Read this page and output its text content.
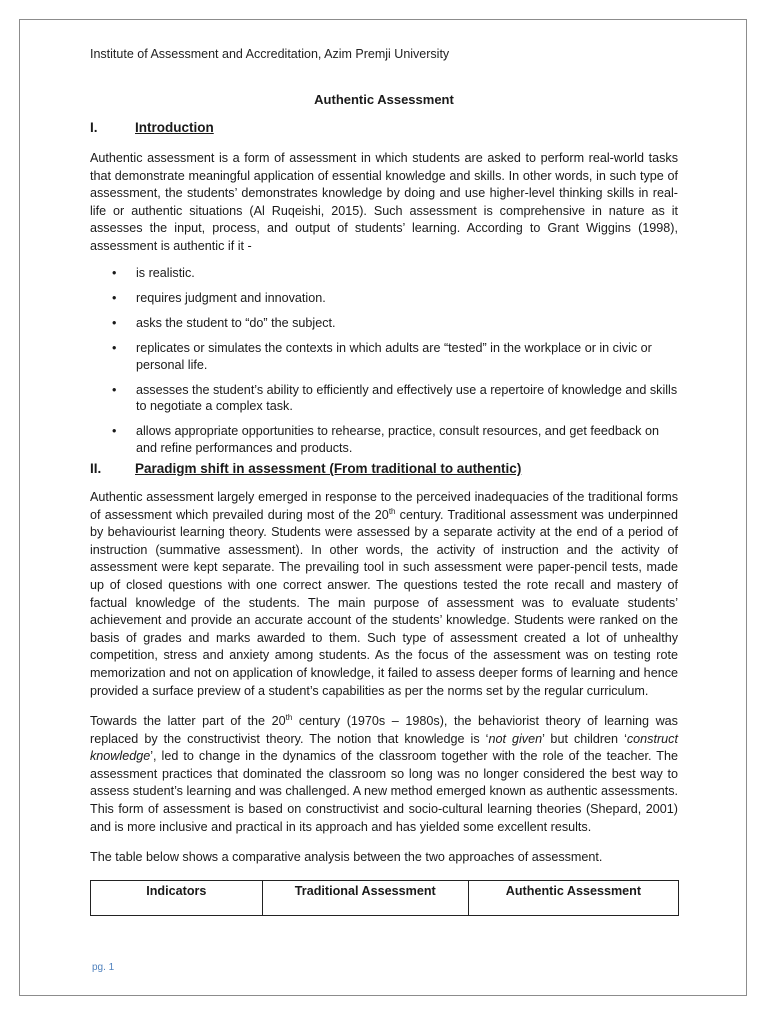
Institute of Assessment and Accreditation, Azim Premji University
Authentic Assessment
I.	Introduction

Authentic assessment is a form of assessment in which students are asked to perform real-world tasks that demonstrate meaningful application of essential knowledge and skills. In other words, in such type of assessment, the students’ demonstrates knowledge by doing and use higher-level thinking skills in real-life or authentic situations (Al Ruqeishi, 2015). Such assessment is comprehensive in nature as it assesses the input, process, and output of students’ learning. According to Grant Wiggins (1998), assessment is authentic if it -

• is realistic.
• requires judgment and innovation.
• asks the student to “do” the subject.
• replicates or simulates the contexts in which adults are “tested” in the workplace or in civic or personal life.
• assesses the student’s ability to efficiently and effectively use a repertoire of knowledge and skills to negotiate a complex task.
• allows appropriate opportunities to rehearse, practice, consult resources, and get feedback on and refine performances and products.
II. Paradigm shift in assessment (From traditional to authentic)

Authentic assessment largely emerged in response to the perceived inadequacies of the traditional forms of assessment which prevailed during most of the 20th century. Traditional assessment was underpinned by behaviourist learning theory. Students were assessed by a separate activity at the end of a period of instruction (summative assessment). In other words, the activity of instruction and the activity of assessment were kept separate. The prevailing tool in such assessment were paper-pencil tests, made up of closed questions with one correct answer. The questions tested the rote recall and mastery of factual knowledge of the students. The main purpose of assessment was to evaluate students’ achievement and provide an accurate account of the students’ knowledge. Students were ranked on the basis of grades and marks awarded to them. Such type of assessment created a lot of unhealthy competition, stress and anxiety among students. As the focus of the assessment was on testing rote memorization and not on application of knowledge, it failed to assess deeper forms of learning and hence provided a surface preview of a student’s capabilities as per the norms set by the regular curriculum.

Towards the latter part of the 20th century (1970s – 1980s), the behaviorist theory of learning was replaced by the constructivist theory. The notion that knowledge is ‘not given’ but children ‘construct knowledge’, led to change in the dynamics of the classroom together with the role of the teacher. The assessment practices that dominated the classroom so long was no longer considered the best way to assess student’s learning and was challenged. A new method emerged known as authentic assessments. This form of assessment is based on constructivist and socio-cultural learning theories (Shepard, 2001) and is more inclusive and practical in its approach and has yielded some excellent results.

The table below shows a comparative analysis between the two approaches of assessment.

Indicators	Traditional Assessment	Authentic Assessment
pg. 1
